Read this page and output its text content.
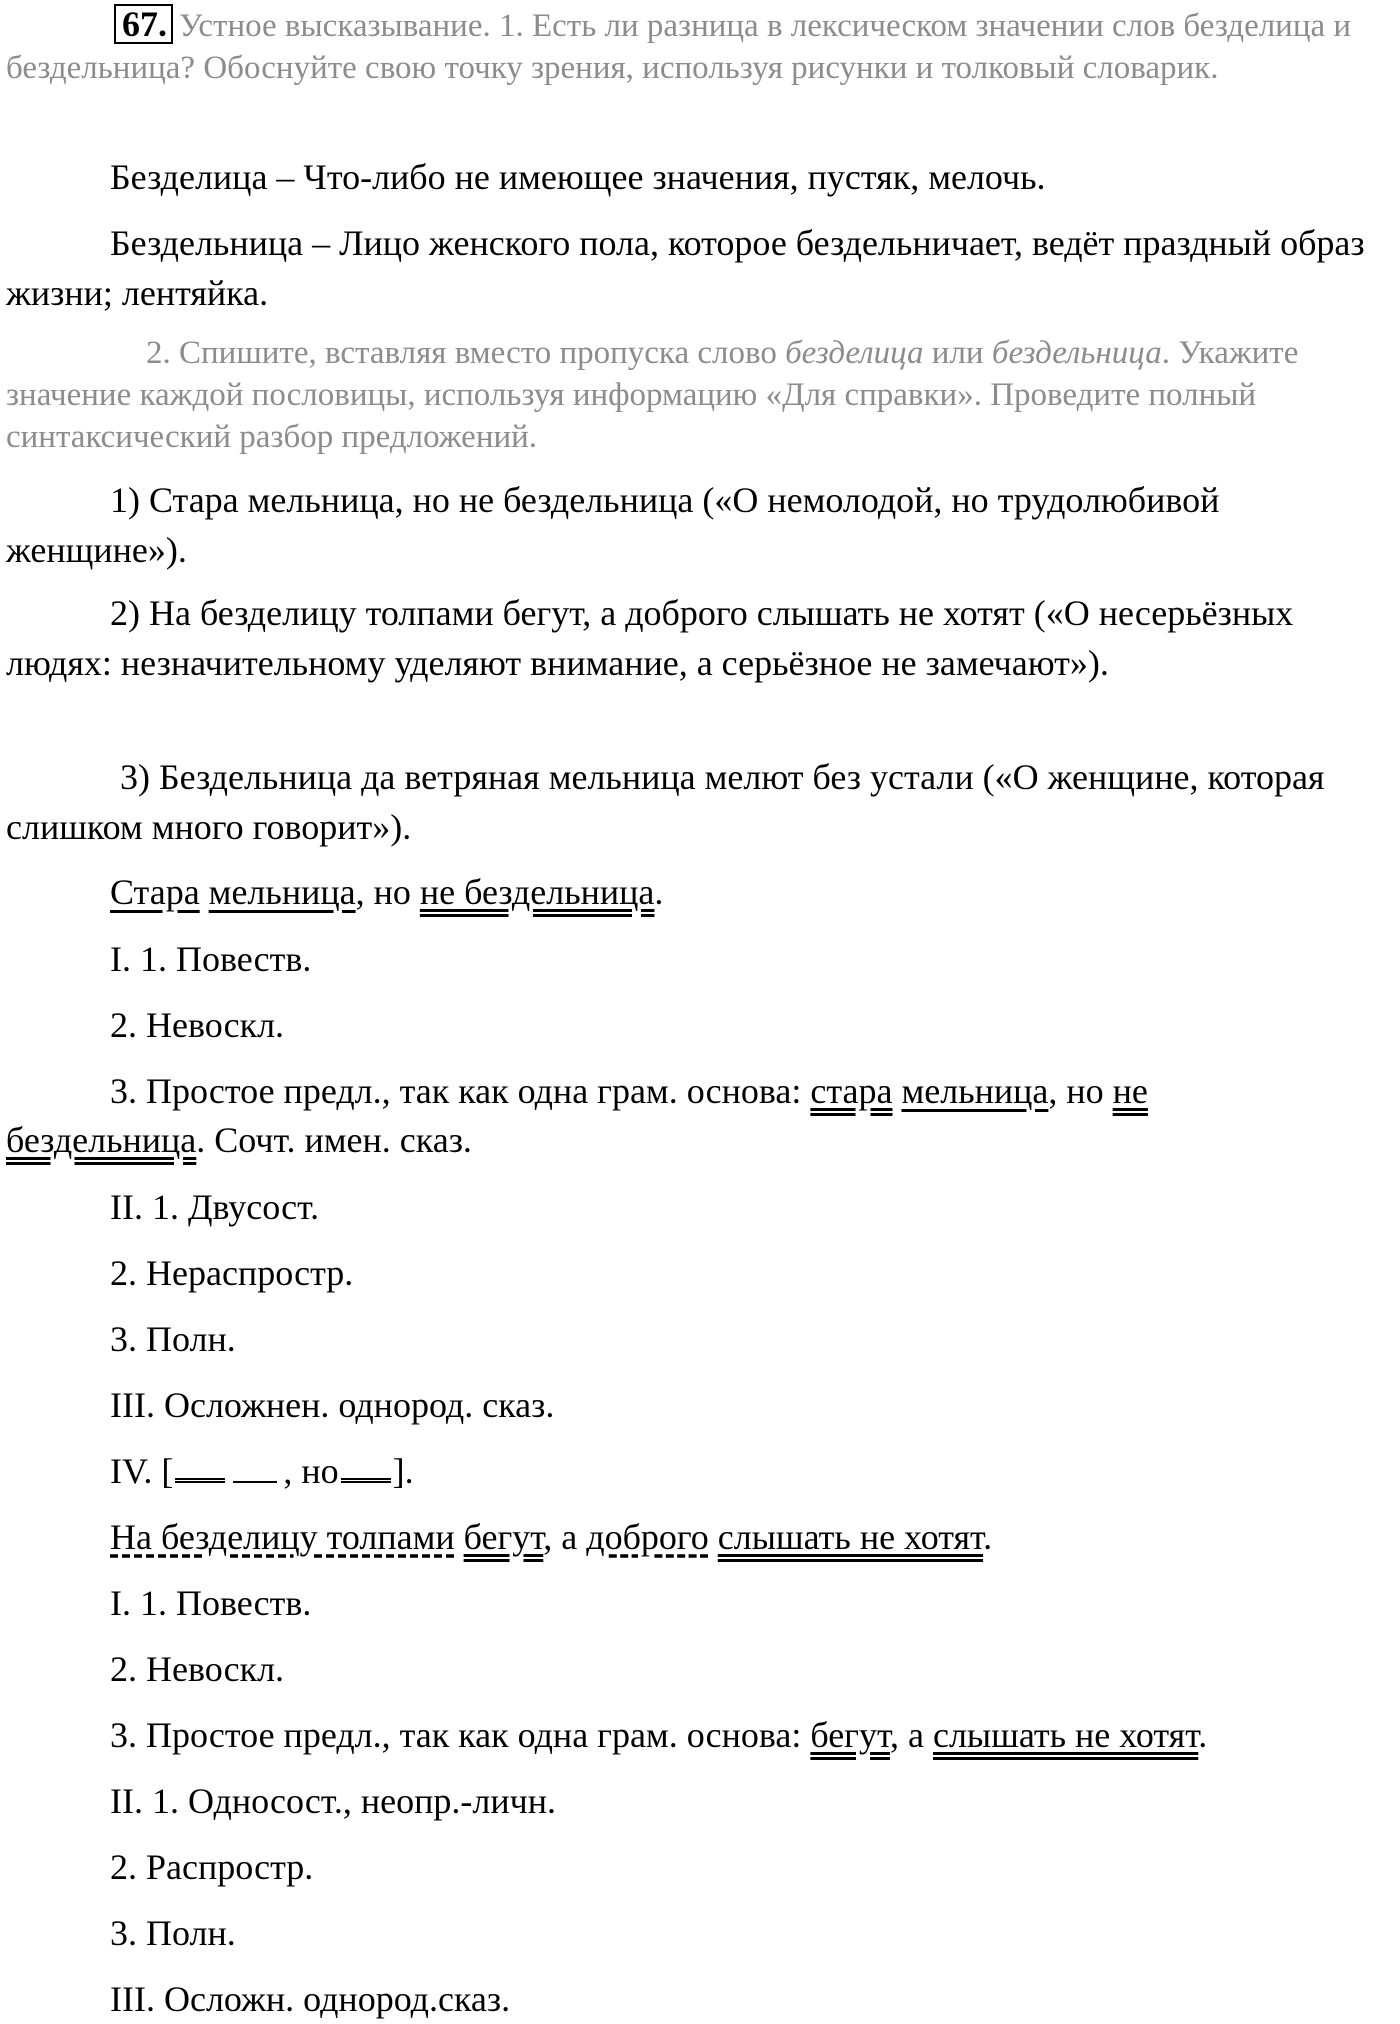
67. Устное высказывание. 1. Есть ли разница в лексическом значении слов безделица и бездельница? Обоснуйте свою точку зрения, используя рисунки и толковый словарик.
Безделица – Что-либо не имеющее значения, пустяк, мелочь.
Бездельница – Лицо женского пола, которое бездельничает, ведёт праздный образ жизни; лентяйка.
2. Спишите, вставляя вместо пропуска слово безделица или бездельница. Укажите значение каждой пословицы, используя информацию «Для справки». Проведите полный синтаксический разбор предложений.
1) Стара мельница, но не бездельница («О немолодой, но трудолюбивой женщине»).
2) На безделицу толпами бегут, а доброго слышать не хотят («О несерьёзных людях: незначительному уделяют внимание, а серьёзное не замечают»).
3) Бездельница да ветряная мельница мелют без устали («О женщине, которая слишком много говорит»).
Стара мельница, но не бездельница.
I. 1. Повеств.
2. Невоскл.
3. Простое предл., так как одна грам. основа: стара мельница, но не
бездельница. Сочт. имен. сказ.
II. 1. Двусост.
2. Нераспростр.
3. Полн.
III. Осложнен. однород. сказ.
IV. [	, но ].
На безделицу толпами бегут, а доброго слышать не хотят.
I. 1. Повеств.
2. Невоскл.
3. Простое предл., так как одна грам. основа: бегут, а слышать не хотят.
II. 1. Односост., неопр.-личн.
2. Распростр.
3. Полн.
III. Осложн. однород.сказ.
